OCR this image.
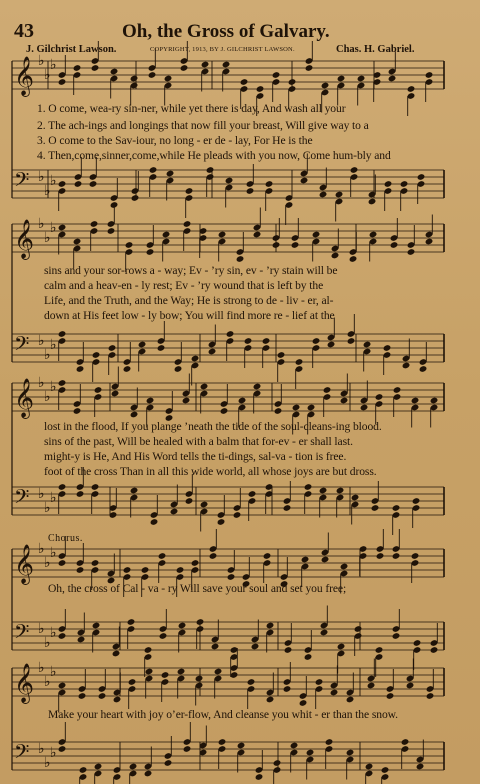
𝄞 ♭
♭
♭
𝄢 ♭
♭
♭
𝄞 ♭
♭
♭
𝄢 ♭
♭
♭
𝄞 ♭
♭
♭
𝄢 ♭
♭
♭
𝄞 ♭
♭
♭
𝄢 ♭
♭
♭
𝄞 ♭
♭
♭
𝄢 ♭
♭
♭
43	Oh, the Gross of Galvary.
J. Gilchrist Lawson.	COPYRIGHT, 1913, BY J. GILCHRIST LAWSON.	Chas. H. Gabriel.
1. O come, wea-ry sin-ner, while yet there is day, And wash all your
2. The ach-ings and longings that now fill your breast, Will give way to a
3. O come to the Sav-iour, no long - er de - lay, For He is the
4. Then,come,sinner,come,while He pleads with you now, Come hum-bly and
sins and your sor-rows a - way; Ev - ’ry sin, ev - ’ry stain will be
calm and a heav-en - ly rest; Ev - ’ry wound that is left by the
Life, and the Truth, and the Way; He is strong to de - liv - er, al-
down at His feet low - ly bow; You will find more re - lief at the
lost in the flood, If you plange ’neath the tide of the soul-cleans-ing blood.
sins of the past, Will be healed with a balm that for-ev - er shall last.
might-y is He, And His Word tells the ti-dings, sal-va - tion is free.
foot of the cross Than in all this wide world, all whose joys are but dross.
Chorus.
Oh, the cross of Cal - va - ry Will save your soul and set you free;
Make your heart with joy o’er-flow, And cleanse you whit - er than the snow.
